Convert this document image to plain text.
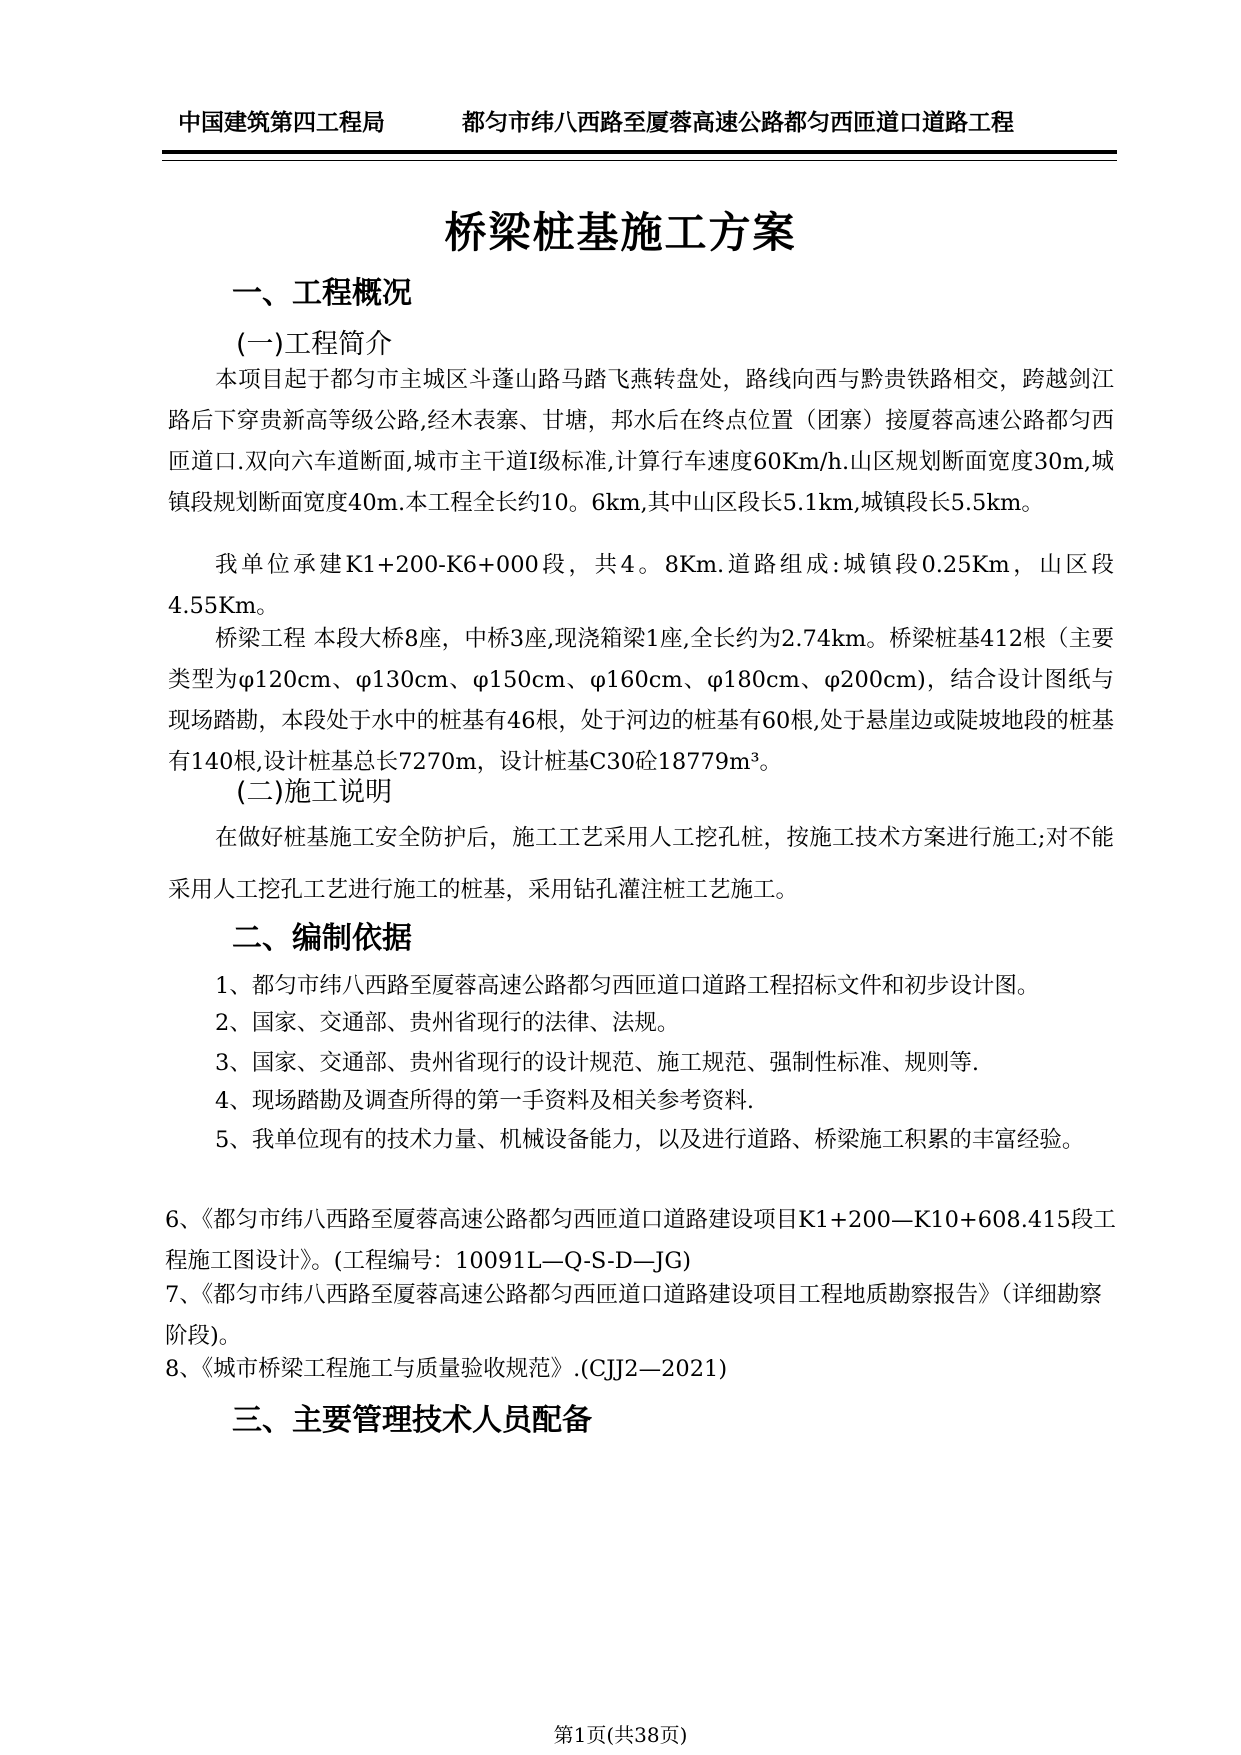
中国建筑第四工程局	都匀市纬八西路至厦蓉高速公路都匀西匝道口道路工程
桥梁桩基施工方案
一、工程概况
(一)工程简介
本项目起于都匀市主城区斗蓬山路马踏飞燕转盘处，路线向西与黔贵铁路相交，跨越剑江路后下穿贵新高等级公路,经木表寨、甘塘，邦水后在终点位置（团寨）接厦蓉高速公路都匀西匝道口.双向六车道断面,城市主干道Ⅰ级标准,计算行车速度60Km/h.山区规划断面宽度30m,城镇段规划断面宽度40m.本工程全长约10。6km,其中山区段长5.1km,城镇段长5.5km。
我单位承建K1+200-K6+000段，共4。8Km.道路组成:城镇段0.25Km，山区段4.55Km。
桥梁工程 本段大桥8座，中桥3座,现浇箱梁1座,全长约为2.74km。桥梁桩基412根（主要类型为φ120cm、φ130cm、φ150cm、φ160cm、φ180cm、φ200cm)，结合设计图纸与现场踏勘，本段处于水中的桩基有46根，处于河边的桩基有60根,处于悬崖边或陡坡地段的桩基有140根,设计桩基总长7270m，设计桩基C30砼18779m³。
(二)施工说明
在做好桩基施工安全防护后，施工工艺采用人工挖孔桩，按施工技术方案进行施工;对不能采用人工挖孔工艺进行施工的桩基，采用钻孔灌注桩工艺施工。
二、编制依据
1、都匀市纬八西路至厦蓉高速公路都匀西匝道口道路工程招标文件和初步设计图。
2、国家、交通部、贵州省现行的法律、法规。
3、国家、交通部、贵州省现行的设计规范、施工规范、强制性标准、规则等.
4、现场踏勘及调查所得的第一手资料及相关参考资料.
5、我单位现有的技术力量、机械设备能力，以及进行道路、桥梁施工积累的丰富经验。
6、《都匀市纬八西路至厦蓉高速公路都匀西匝道口道路建设项目K1+200—K10+608.415段工程施工图设计》。(工程编号：10091L—Q-S-D—JG)
7、《都匀市纬八西路至厦蓉高速公路都匀西匝道口道路建设项目工程地质勘察报告》（详细勘察阶段)。
8、《城市桥梁工程施工与质量验收规范》.(CJJ2—2021)
三、主要管理技术人员配备
第1页(共38页)
